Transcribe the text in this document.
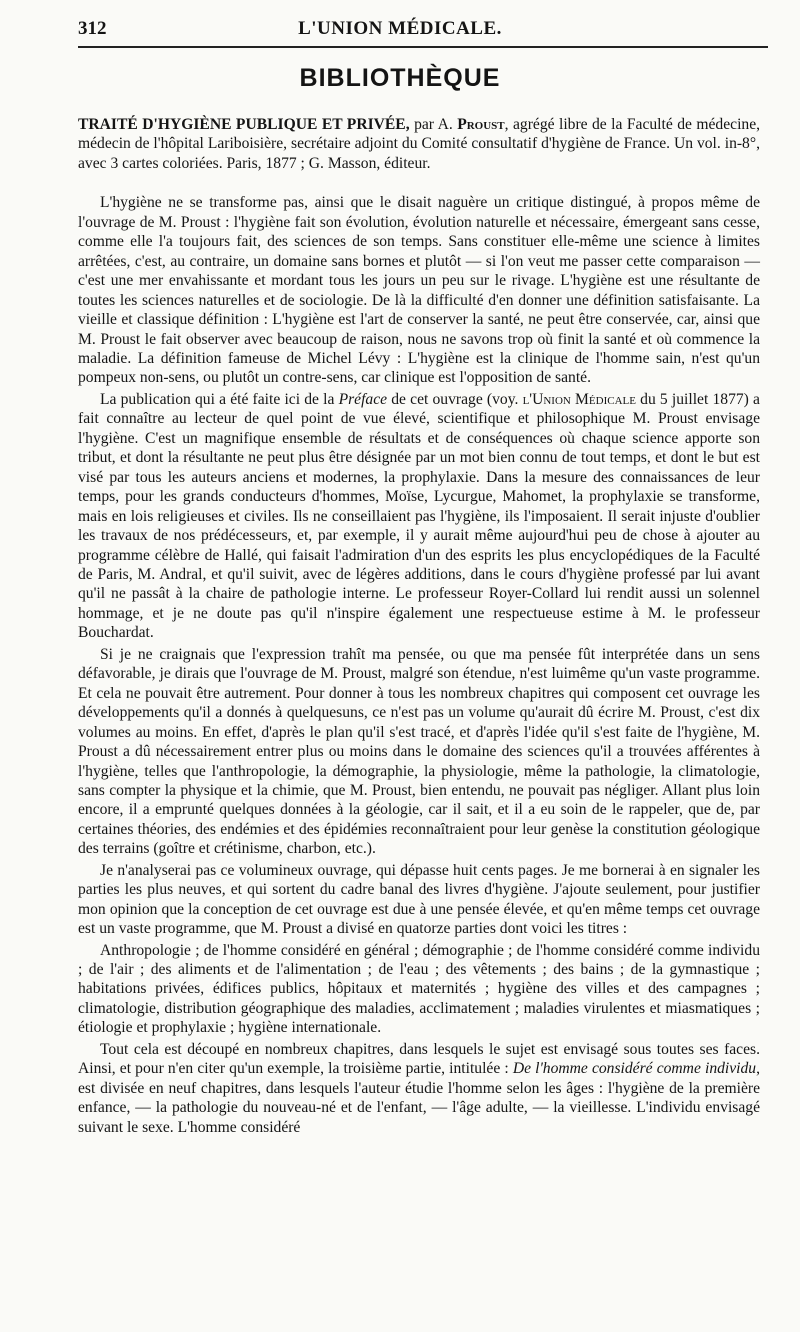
312	L'UNION MÉDICALE.
BIBLIOTHÈQUE

TRAITÉ D'HYGIÈNE PUBLIQUE ET PRIVÉE, par A. Proust, agrégé libre de la Faculté de médecine, médecin de l'hôpital Lariboisière, secrétaire adjoint du Comité consultatif d'hygiène de France. Un vol. in-8°, avec 3 cartes coloriées. Paris, 1877 ; G. Masson, éditeur.

L'hygiène ne se transforme pas, ainsi que le disait naguère un critique distingué, à propos même de l'ouvrage de M. Proust : l'hygiène fait son évolution, évolution naturelle et nécessaire, émergeant sans cesse, comme elle l'a toujours fait, des sciences de son temps. Sans constituer elle-même une science à limites arrêtées, c'est, au contraire, un domaine sans bornes et plutôt — si l'on veut me passer cette comparaison — c'est une mer envahissante et mordant tous les jours un peu sur le rivage. L'hygiène est une résultante de toutes les sciences naturelles et de sociologie. De là la difficulté d'en donner une définition satisfaisante. La vieille et classique définition : L'hygiène est l'art de conserver la santé, ne peut être conservée, car, ainsi que M. Proust le fait observer avec beaucoup de raison, nous ne savons trop où finit la santé et où commence la maladie. La définition fameuse de Michel Lévy : L'hygiène est la clinique de l'homme sain, n'est qu'un pompeux non-sens, ou plutôt un contre-sens, car clinique est l'opposition de santé.

La publication qui a été faite ici de la Préface de cet ouvrage (voy. l'Union Médicale du 5 juillet 1877) a fait connaître au lecteur de quel point de vue élevé, scientifique et philosophique M. Proust envisage l'hygiène. C'est un magnifique ensemble de résultats et de conséquences où chaque science apporte son tribut, et dont la résultante ne peut plus être désignée par un mot bien connu de tout temps, et dont le but est visé par tous les auteurs anciens et modernes, la prophylaxie. Dans la mesure des connaissances de leur temps, pour les grands conducteurs d'hommes, Moïse, Lycurgue, Mahomet, la prophylaxie se transforme, mais en lois religieuses et civiles. Ils ne conseillaient pas l'hygiène, ils l'imposaient. Il serait injuste d'oublier les travaux de nos prédécesseurs, et, par exemple, il y aurait même aujourd'hui peu de chose à ajouter au programme célèbre de Hallé, qui faisait l'admiration d'un des esprits les plus encyclopédiques de la Faculté de Paris, M. Andral, et qu'il suivit, avec de légères additions, dans le cours d'hygiène professé par lui avant qu'il ne passât à la chaire de pathologie interne. Le professeur Royer-Collard lui rendit aussi un solennel hommage, et je ne doute pas qu'il n'inspire également une respectueuse estime à M. le professeur Bouchardat.

Si je ne craignais que l'expression trahît ma pensée, ou que ma pensée fût interprétée dans un sens défavorable, je dirais que l'ouvrage de M. Proust, malgré son étendue, n'est luimême qu'un vaste programme. Et cela ne pouvait être autrement. Pour donner à tous les nombreux chapitres qui composent cet ouvrage les développements qu'il a donnés à quelquesuns, ce n'est pas un volume qu'aurait dû écrire M. Proust, c'est dix volumes au moins. En effet, d'après le plan qu'il s'est tracé, et d'après l'idée qu'il s'est faite de l'hygiène, M. Proust a dû nécessairement entrer plus ou moins dans le domaine des sciences qu'il a trouvées afférentes à l'hygiène, telles que l'anthropologie, la démographie, la physiologie, même la pathologie, la climatologie, sans compter la physique et la chimie, que M. Proust, bien entendu, ne pouvait pas négliger. Allant plus loin encore, il a emprunté quelques données à la géologie, car il sait, et il a eu soin de le rappeler, que de, par certaines théories, des endémies et des épidémies reconnaîtraient pour leur genèse la constitution géologique des terrains (goître et crétinisme, charbon, etc.).

Je n'analyserai pas ce volumineux ouvrage, qui dépasse huit cents pages. Je me bornerai à en signaler les parties les plus neuves, et qui sortent du cadre banal des livres d'hygiène. J'ajoute seulement, pour justifier mon opinion que la conception de cet ouvrage est due à une pensée élevée, et qu'en même temps cet ouvrage est un vaste programme, que M. Proust a divisé en quatorze parties dont voici les titres :

Anthropologie ; de l'homme considéré en général ; démographie ; de l'homme considéré comme individu ; de l'air ; des aliments et de l'alimentation ; de l'eau ; des vêtements ; des bains ; de la gymnastique ; habitations privées, édifices publics, hôpitaux et maternités ; hygiène des villes et des campagnes ; climatologie, distribution géographique des maladies, acclimatement ; maladies virulentes et miasmatiques ; étiologie et prophylaxie ; hygiène internationale.

Tout cela est découpé en nombreux chapitres, dans lesquels le sujet est envisagé sous toutes ses faces. Ainsi, et pour n'en citer qu'un exemple, la troisième partie, intitulée : De l'homme considéré comme individu, est divisée en neuf chapitres, dans lesquels l'auteur étudie l'homme selon les âges : l'hygiène de la première enfance, — la pathologie du nouveau-né et de l'enfant, — l'âge adulte, — la vieillesse. L'individu envisagé suivant le sexe. L'homme considéré
